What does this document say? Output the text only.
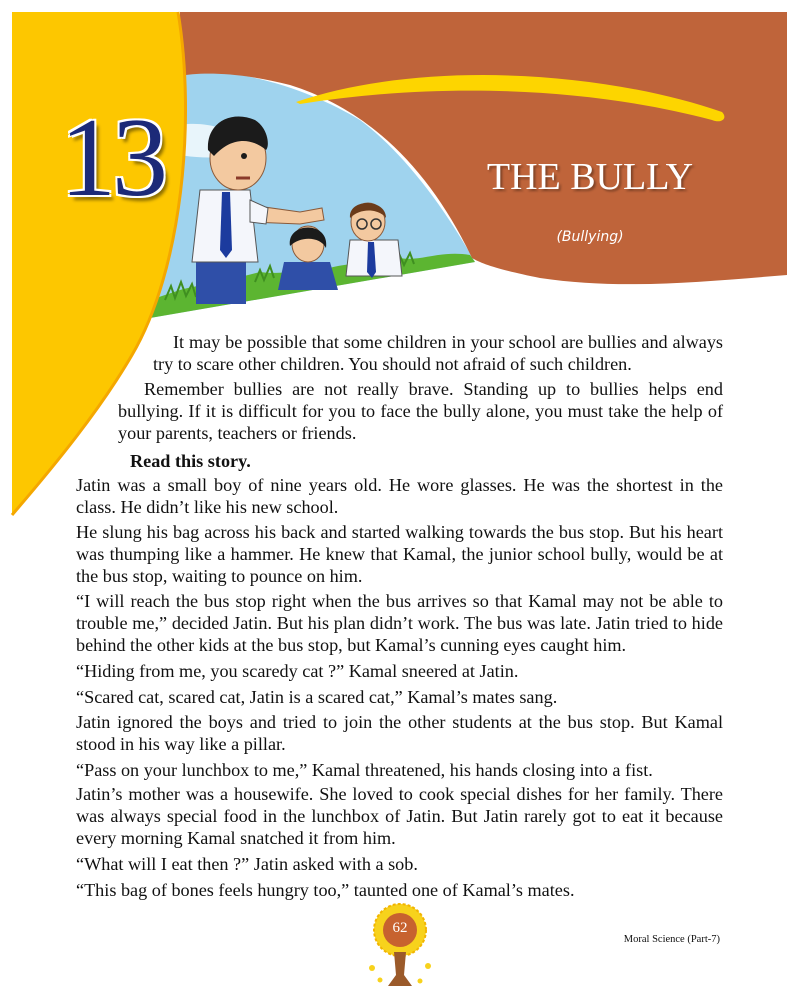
13	THE BULLY
(Bullying)

It may be possible that some children in your school are bullies and always try to scare other children. You should not afraid of such children.

Remember bullies are not really brave. Standing up to bullies helps end bullying. If it is difficult for you to face the bully alone, you must take the help of your parents, teachers or friends.

Read this story.

Jatin was a small boy of nine years old. He wore glasses. He was the shortest in the class. He didn’t like his new school.

He slung his bag across his back and started walking towards the bus stop. But his heart was thumping like a hammer. He knew that Kamal, the junior school bully, would be at the bus stop, waiting to pounce on him.

“I will reach the bus stop right when the bus arrives so that Kamal may not be able to trouble me,” decided Jatin. But his plan didn’t work. The bus was late. Jatin tried to hide behind the other kids at the bus stop, but Kamal’s cunning eyes caught him.

“Hiding from me, you scaredy cat ?” Kamal sneered at Jatin.

“Scared cat, scared cat, Jatin is a scared cat,” Kamal’s mates sang.

Jatin ignored the boys and tried to join the other students at the bus stop. But Kamal stood in his way like a pillar.

“Pass on your lunchbox to me,” Kamal threatened, his hands closing into a fist.

Jatin’s mother was a housewife. She loved to cook special dishes for her family. There was always special food in the lunchbox of Jatin. But Jatin rarely got to eat it because every morning Kamal snatched it from him.

“What will I eat then ?” Jatin asked with a sob.

“This bag of bones feels hungry too,” taunted one of Kamal’s mates.

62
Moral Science (Part-7)
